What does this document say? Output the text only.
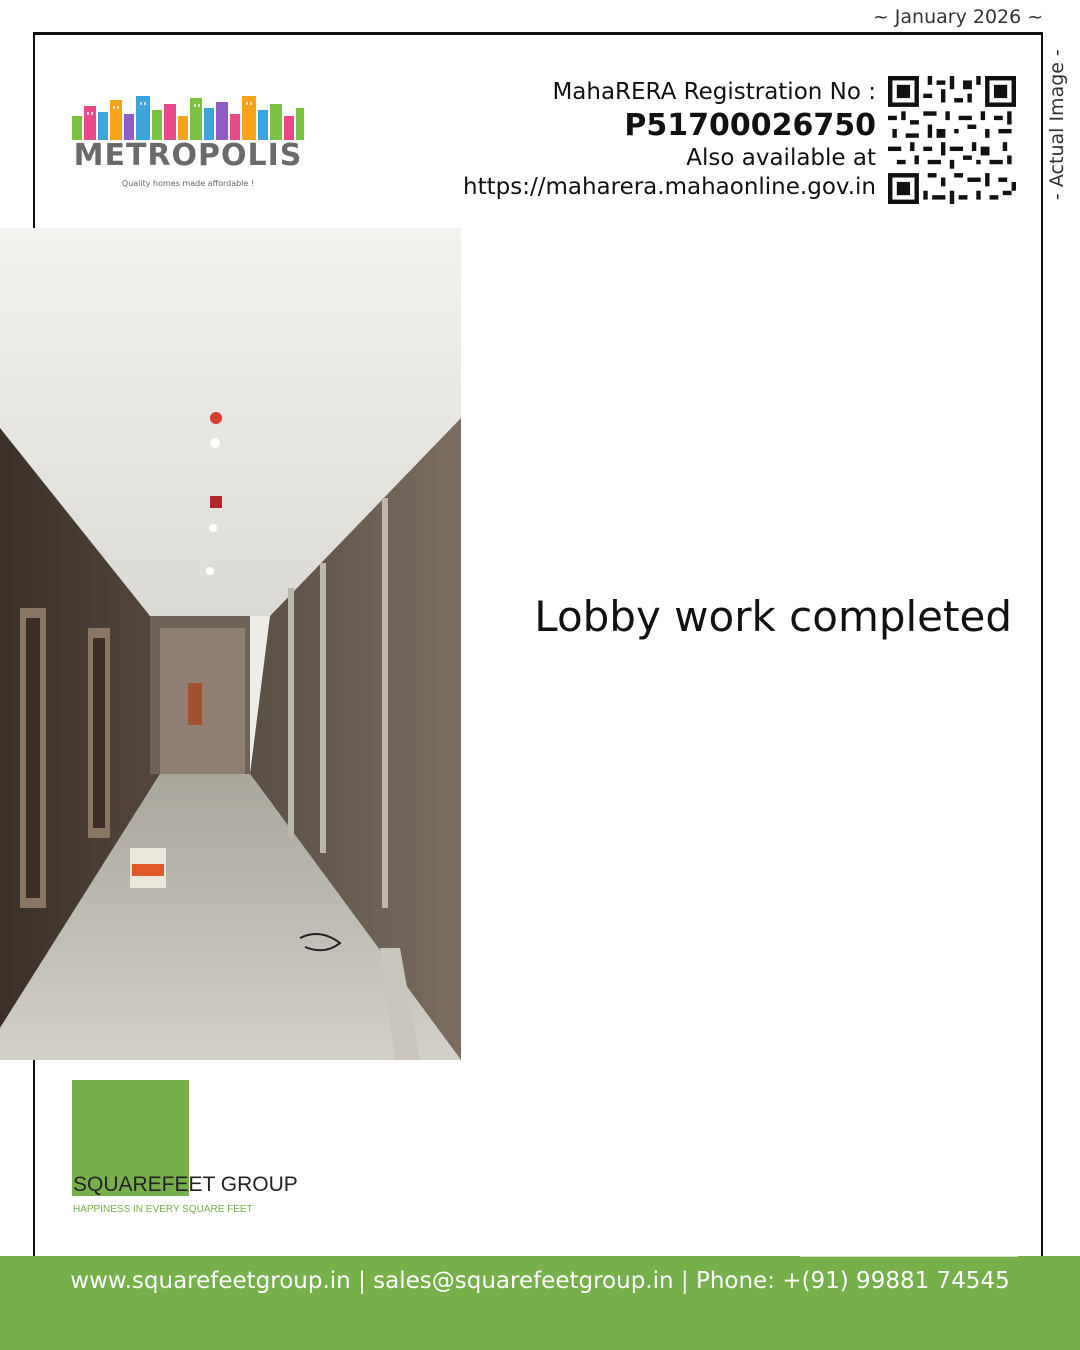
~ January 2026 ~
- Actual Image -
METROPOLIS
Quality homes made affordable !
MahaRERA Registration No :
P51700026750
Also available at
https://maharera.mahaonline.gov.in
Lobby work completed
SQUAREFEET GROUP
HAPPINESS IN EVERY SQUARE FEET
www.squarefeetgroup.in | sales@squarefeetgroup.in | Phone: +(91) 99881 74545
